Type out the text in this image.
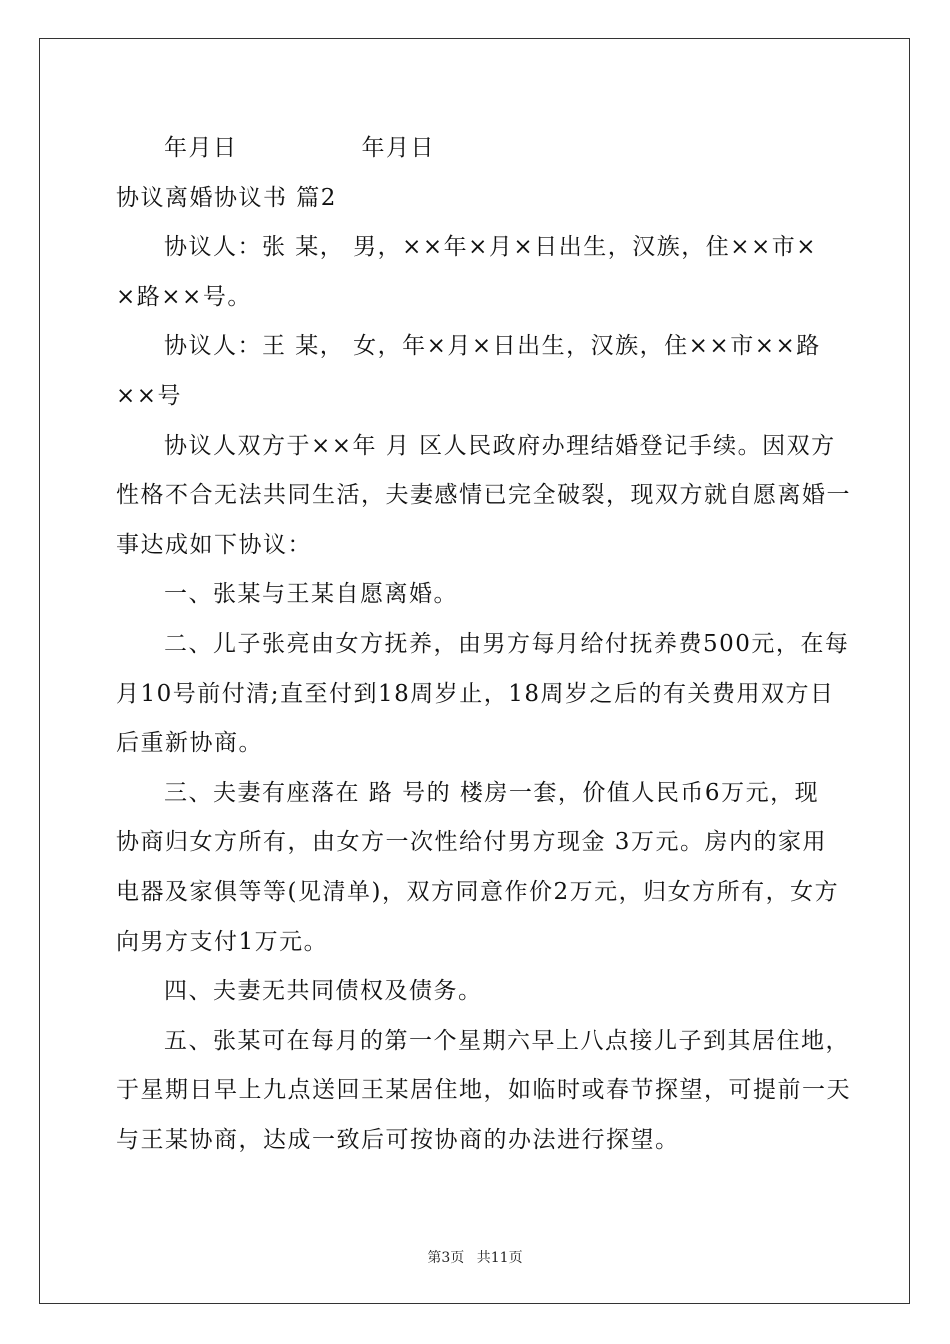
年月日	年月日
协议离婚协议书 篇2
协议人：张 某， 男，××年×月×日出生，汉族，住××市×
×路××号。
协议人：王 某， 女，年×月×日出生，汉族，住××市××路
××号
协议人双方于××年 月 区人民政府办理结婚登记手续。因双方
性格不合无法共同生活，夫妻感情已完全破裂，现双方就自愿离婚一
事达成如下协议：
一、张某与王某自愿离婚。
二、儿子张亮由女方抚养，由男方每月给付抚养费500元，在每
月10号前付清;直至付到18周岁止，18周岁之后的有关费用双方日
后重新协商。
三、夫妻有座落在 路 号的 楼房一套，价值人民币6万元，现
协商归女方所有，由女方一次性给付男方现金 3万元。房内的家用
电器及家俱等等(见清单)，双方同意作价2万元，归女方所有，女方
向男方支付1万元。
四、夫妻无共同债权及债务。
五、张某可在每月的第一个星期六早上八点接儿子到其居住地，
于星期日早上九点送回王某居住地，如临时或春节探望，可提前一天
与王某协商，达成一致后可按协商的办法进行探望。
第3页 共11页
